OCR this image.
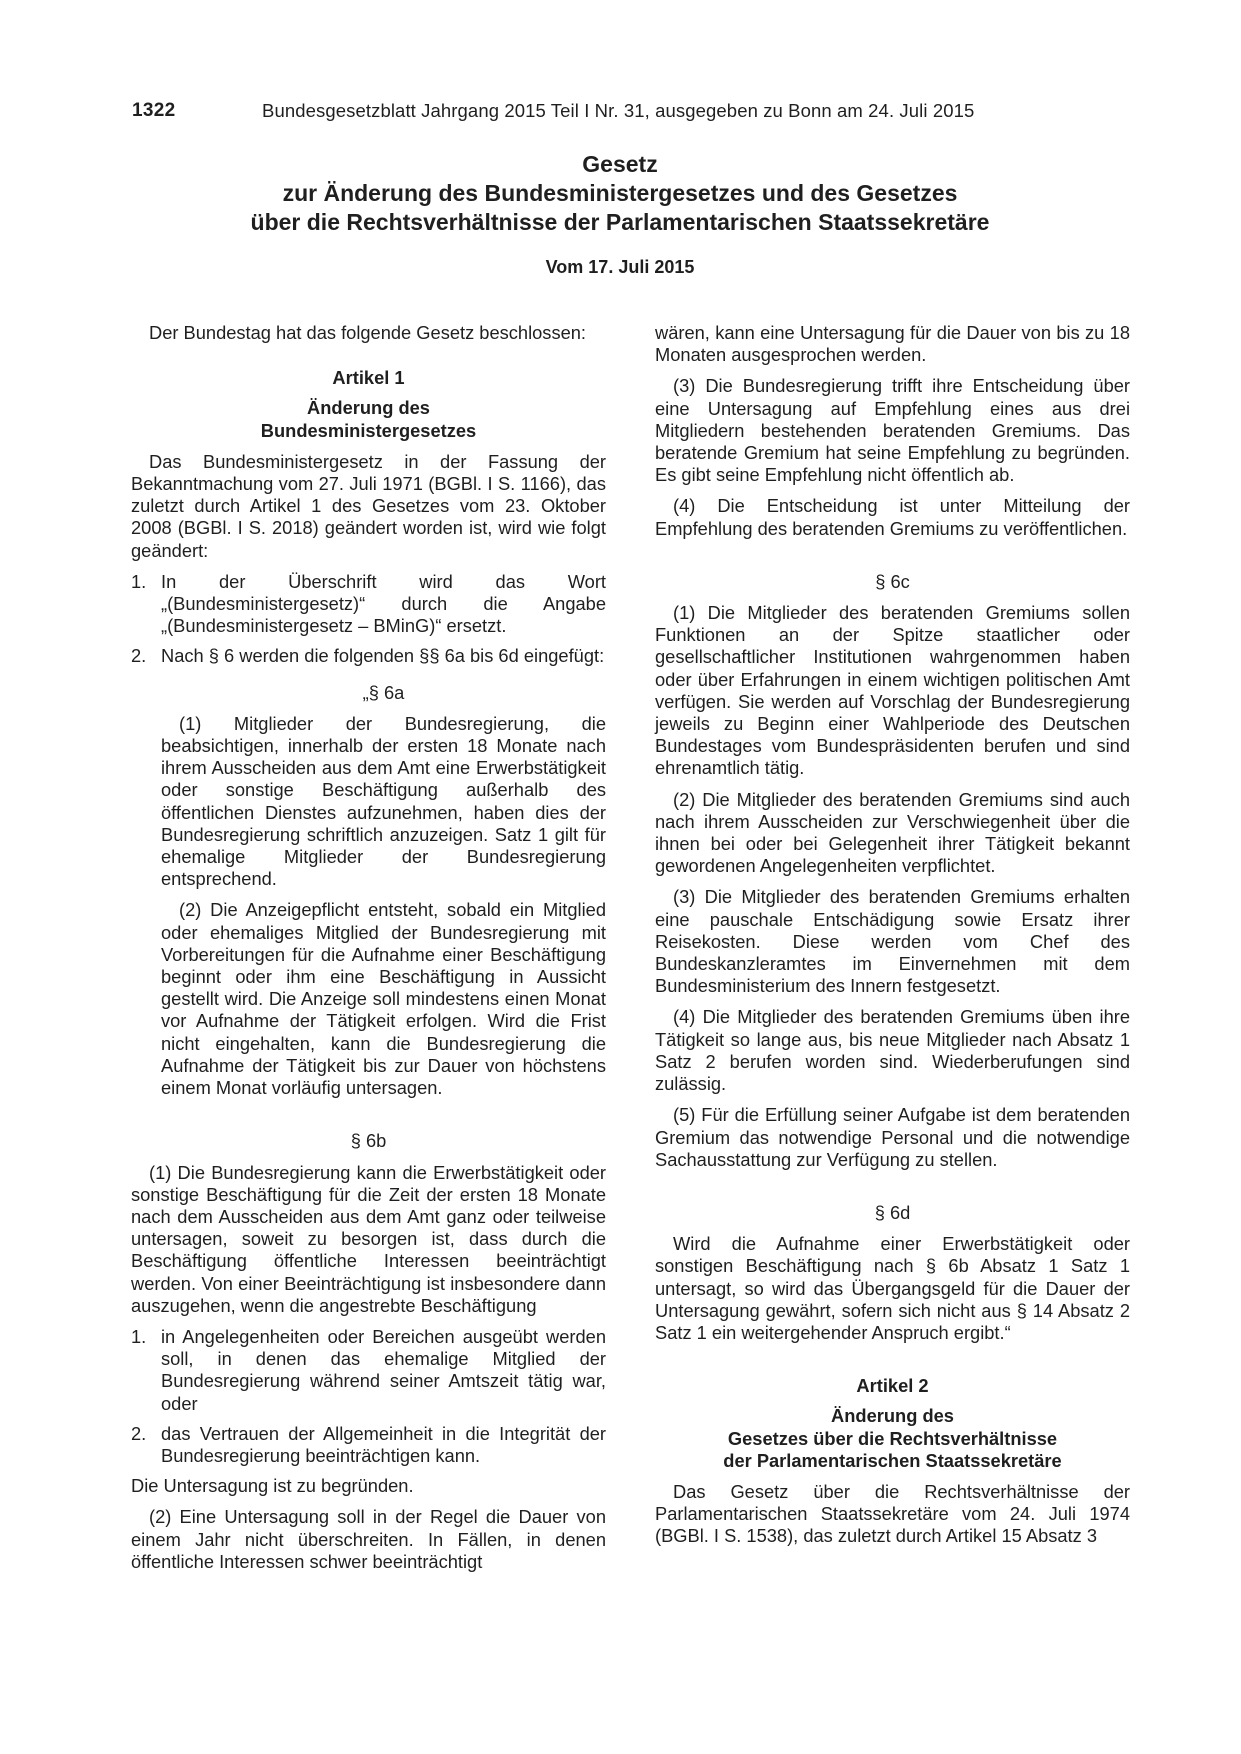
1322	Bundesgesetzblatt Jahrgang 2015 Teil I Nr. 31, ausgegeben zu Bonn am 24. Juli 2015
Gesetz
zur Änderung des Bundesministergesetzes und des Gesetzes
über die Rechtsverhältnisse der Parlamentarischen Staatssekretäre
Vom 17. Juli 2015

Der Bundestag hat das folgende Gesetz beschlossen:

Artikel 1

Änderung des

Bundesministergesetzes

Das Bundesministergesetz in der Fassung der Bekanntmachung vom 27. Juli 1971 (BGBl. I S. 1166), das zuletzt durch Artikel 1 des Gesetzes vom 23. Oktober 2008 (BGBl. I S. 2018) geändert worden ist, wird wie folgt geändert:

1. In der Überschrift wird das Wort „(Bundesministergesetz)“ durch die Angabe „(Bundesministergesetz – BMinG)“ ersetzt.
2. Nach § 6 werden die folgenden §§ 6a bis 6d eingefügt:

„§ 6a

(1) Mitglieder der Bundesregierung, die beabsichtigen, innerhalb der ersten 18 Monate nach ihrem Ausscheiden aus dem Amt eine Erwerbstätigkeit oder sonstige Beschäftigung außerhalb des öffentlichen Dienstes aufzunehmen, haben dies der Bundesregierung schriftlich anzuzeigen. Satz 1 gilt für ehemalige Mitglieder der Bundesregierung entsprechend.

(2) Die Anzeigepflicht entsteht, sobald ein Mitglied oder ehemaliges Mitglied der Bundesregierung mit Vorbereitungen für die Aufnahme einer Beschäftigung beginnt oder ihm eine Beschäftigung in Aussicht gestellt wird. Die Anzeige soll mindestens einen Monat vor Aufnahme der Tätigkeit erfolgen. Wird die Frist nicht eingehalten, kann die Bundesregierung die Aufnahme der Tätigkeit bis zur Dauer von höchstens einem Monat vorläufig untersagen.

§ 6b

(1) Die Bundesregierung kann die Erwerbstätigkeit oder sonstige Beschäftigung für die Zeit der ersten 18 Monate nach dem Ausscheiden aus dem Amt ganz oder teilweise untersagen, soweit zu besorgen ist, dass durch die Beschäftigung öffentliche Interessen beeinträchtigt werden. Von einer Beeinträchtigung ist insbesondere dann auszugehen, wenn die angestrebte Beschäftigung

1. in Angelegenheiten oder Bereichen ausgeübt werden soll, in denen das ehemalige Mitglied der Bundesregierung während seiner Amtszeit tätig war, oder
2. das Vertrauen der Allgemeinheit in die Integrität der Bundesregierung beeinträchtigen kann.

Die Untersagung ist zu begründen.

(2) Eine Untersagung soll in der Regel die Dauer von einem Jahr nicht überschreiten. In Fällen, in denen öffentliche Interessen schwer beeinträchtigt

wären, kann eine Untersagung für die Dauer von bis zu 18 Monaten ausgesprochen werden.

(3) Die Bundesregierung trifft ihre Entscheidung über eine Untersagung auf Empfehlung eines aus drei Mitgliedern bestehenden beratenden Gremiums. Das beratende Gremium hat seine Empfehlung zu begründen. Es gibt seine Empfehlung nicht öffentlich ab.

(4) Die Entscheidung ist unter Mitteilung der Empfehlung des beratenden Gremiums zu veröffentlichen.

§ 6c

(1) Die Mitglieder des beratenden Gremiums sollen Funktionen an der Spitze staatlicher oder gesellschaftlicher Institutionen wahrgenommen haben oder über Erfahrungen in einem wichtigen politischen Amt verfügen. Sie werden auf Vorschlag der Bundesregierung jeweils zu Beginn einer Wahlperiode des Deutschen Bundestages vom Bundespräsidenten berufen und sind ehrenamtlich tätig.

(2) Die Mitglieder des beratenden Gremiums sind auch nach ihrem Ausscheiden zur Verschwiegenheit über die ihnen bei oder bei Gelegenheit ihrer Tätigkeit bekannt gewordenen Angelegenheiten verpflichtet.

(3) Die Mitglieder des beratenden Gremiums erhalten eine pauschale Entschädigung sowie Ersatz ihrer Reisekosten. Diese werden vom Chef des Bundeskanzleramtes im Einvernehmen mit dem Bundesministerium des Innern festgesetzt.

(4) Die Mitglieder des beratenden Gremiums üben ihre Tätigkeit so lange aus, bis neue Mitglieder nach Absatz 1 Satz 2 berufen worden sind. Wiederberufungen sind zulässig.

(5) Für die Erfüllung seiner Aufgabe ist dem beratenden Gremium das notwendige Personal und die notwendige Sachausstattung zur Verfügung zu stellen.

§ 6d

Wird die Aufnahme einer Erwerbstätigkeit oder sonstigen Beschäftigung nach § 6b Absatz 1 Satz 1 untersagt, so wird das Übergangsgeld für die Dauer der Untersagung gewährt, sofern sich nicht aus § 14 Absatz 2 Satz 1 ein weitergehender Anspruch ergibt.“

Artikel 2

Änderung des

Gesetzes über die Rechtsverhältnisse

der Parlamentarischen Staatssekretäre

Das Gesetz über die Rechtsverhältnisse der Parlamentarischen Staatssekretäre vom 24. Juli 1974 (BGBl. I S. 1538), das zuletzt durch Artikel 15 Absatz 3
